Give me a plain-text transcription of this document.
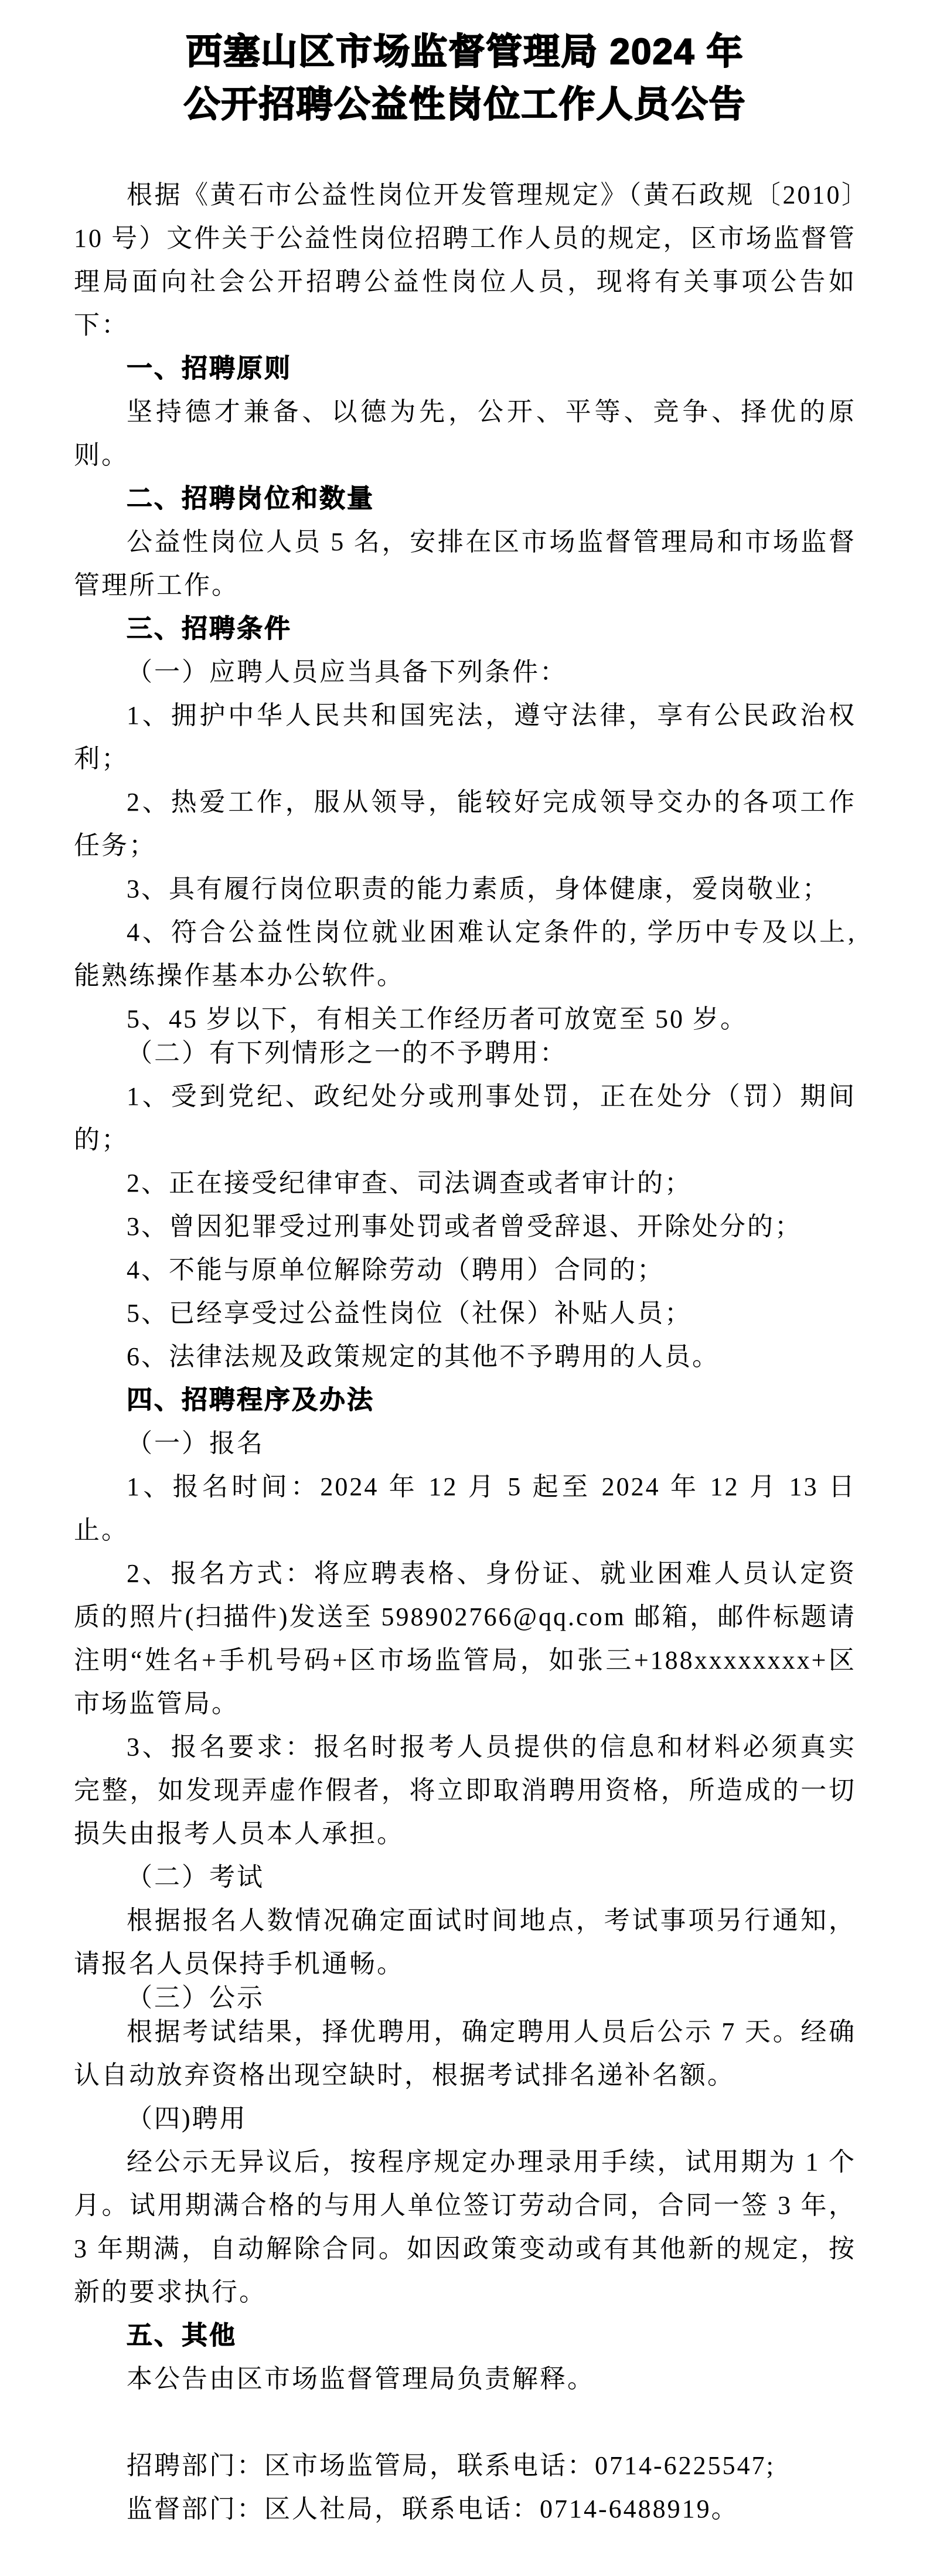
西塞山区市场监督管理局 2024 年
公开招聘公益性岗位工作人员公告

根据《黄石市公益性岗位开发管理规定》（黄石政规〔2010〕10 号）文件关于公益性岗位招聘工作人员的规定，区市场监督管理局面向社会公开招聘公益性岗位人员，现将有关事项公告如下：

一、招聘原则

坚持德才兼备、以德为先，公开、平等、竞争、择优的原则。

二、招聘岗位和数量

公益性岗位人员 5 名，安排在区市场监督管理局和市场监督管理所工作。

三、招聘条件

（一）应聘人员应当具备下列条件：

1、拥护中华人民共和国宪法，遵守法律，享有公民政治权利；

2、热爱工作，服从领导，能较好完成领导交办的各项工作任务；

3、具有履行岗位职责的能力素质，身体健康，爱岗敬业；

4、符合公益性岗位就业困难认定条件的, 学历中专及以上, 能熟练操作基本办公软件。

5、45 岁以下，有相关工作经历者可放宽至 50 岁。

（二）有下列情形之一的不予聘用：

1、受到党纪、政纪处分或刑事处罚，正在处分（罚）期间的；

2、正在接受纪律审查、司法调查或者审计的；

3、曾因犯罪受过刑事处罚或者曾受辞退、开除处分的；

4、不能与原单位解除劳动（聘用）合同的；

5、已经享受过公益性岗位（社保）补贴人员；

6、法律法规及政策规定的其他不予聘用的人员。

四、招聘程序及办法

（一）报名

1、报名时间：2024 年 12 月 5 起至 2024 年 12 月 13 日止。

2、报名方式：将应聘表格、身份证、就业困难人员认定资质的照片(扫描件)发送至 598902766@qq.com 邮箱，邮件标题请注明“姓名+手机号码+区市场监管局，如张三+188xxxxxxxx+区市场监管局。

3、报名要求：报名时报考人员提供的信息和材料必须真实完整，如发现弄虚作假者，将立即取消聘用资格，所造成的一切损失由报考人员本人承担。

（二）考试

根据报名人数情况确定面试时间地点，考试事项另行通知，请报名人员保持手机通畅。

（三）公示

根据考试结果，择优聘用，确定聘用人员后公示 7 天。经确认自动放弃资格出现空缺时，根据考试排名递补名额。

（四)聘用

经公示无异议后，按程序规定办理录用手续，试用期为 1 个月。试用期满合格的与用人单位签订劳动合同，合同一签 3 年，3 年期满，自动解除合同。如因政策变动或有其他新的规定，按新的要求执行。

五、其他

本公告由区市场监督管理局负责解释。

招聘部门：区市场监管局，联系电话：0714-6225547;

监督部门：区人社局，联系电话：0714-6488919。
